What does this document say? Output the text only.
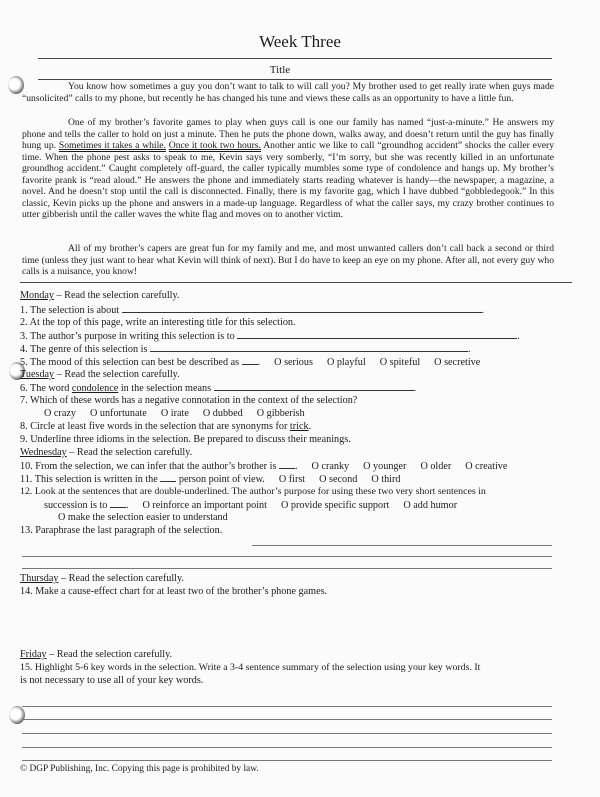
Week Three
Title
You know how sometimes a guy you don’t want to talk to will call you? My brother used to get really irate when guys made “unsolicited” calls to my phone, but recently he has changed his tune and views these calls as an opportunity to have a little fun.
One of my brother’s favorite games to play when guys call is one our family has named “just-a-minute.” He answers my phone and tells the caller to hold on just a minute. Then he puts the phone down, walks away, and doesn’t return until the guy has finally hung up. Sometimes it takes a while. Once it took two hours. Another antic we like to call “groundhog accident” shocks the caller every time. When the phone pest asks to speak to me, Kevin says very somberly, “I’m sorry, but she was recently killed in an unfortunate groundhog accident.” Caught completely off-guard, the caller typically mumbles some type of condolence and hangs up. My brother’s favorite prank is “read aloud.” He answers the phone and immediately starts reading whatever is handy—the newspaper, a magazine, a novel. And he doesn’t stop until the call is disconnected. Finally, there is my favorite gag, which I have dubbed “gobbledegook.” In this classic, Kevin picks up the phone and answers in a made-up language. Regardless of what the caller says, my crazy brother continues to utter gibberish until the caller waves the white flag and moves on to another victim.
All of my brother’s capers are great fun for my family and me, and most unwanted callers don’t call back a second or third time (unless they just want to hear what Kevin will think of next). But I do have to keep an eye on my phone. After all, not every guy who calls is a nuisance, you know!
Monday – Read the selection carefully.
1. The selection is about	.
2. At the top of this page, write an interesting title for this selection.
3. The author’s purpose in writing this selection is to	.
4. The genre of this selection is	.
5. The mood of this selection can best be described as . O serious O playful O spiteful O secretive
Tuesday – Read the selection carefully.
6. The word condolence in the selection means	.
7. Which of these words has a negative connotation in the context of the selection?
O crazy O unfortunate O irate O dubbed O gibberish
8. Circle at least five words in the selection that are synonyms for trick.
9. Underline three idioms in the selection. Be prepared to discuss their meanings.
Wednesday – Read the selection carefully.
10. From the selection, we can infer that the author’s brother is . O cranky O younger O older O creative
11. This selection is written in the person point of view. O first O second O third
12. Look at the sentences that are double-underlined. The author’s purpose for using these two very short sentences in
succession is to . O reinforce an important point O provide specific support O add humor
O make the selection easier to understand
13. Paraphrase the last paragraph of the selection.
Thursday – Read the selection carefully.
14. Make a cause-effect chart for at least two of the brother’s phone games.
Friday – Read the selection carefully.
15. Highlight 5-6 key words in the selection. Write a 3-4 sentence summary of the selection using your key words. It
is not necessary to use all of your key words.
© DGP Publishing, Inc. Copying this page is prohibited by law.
